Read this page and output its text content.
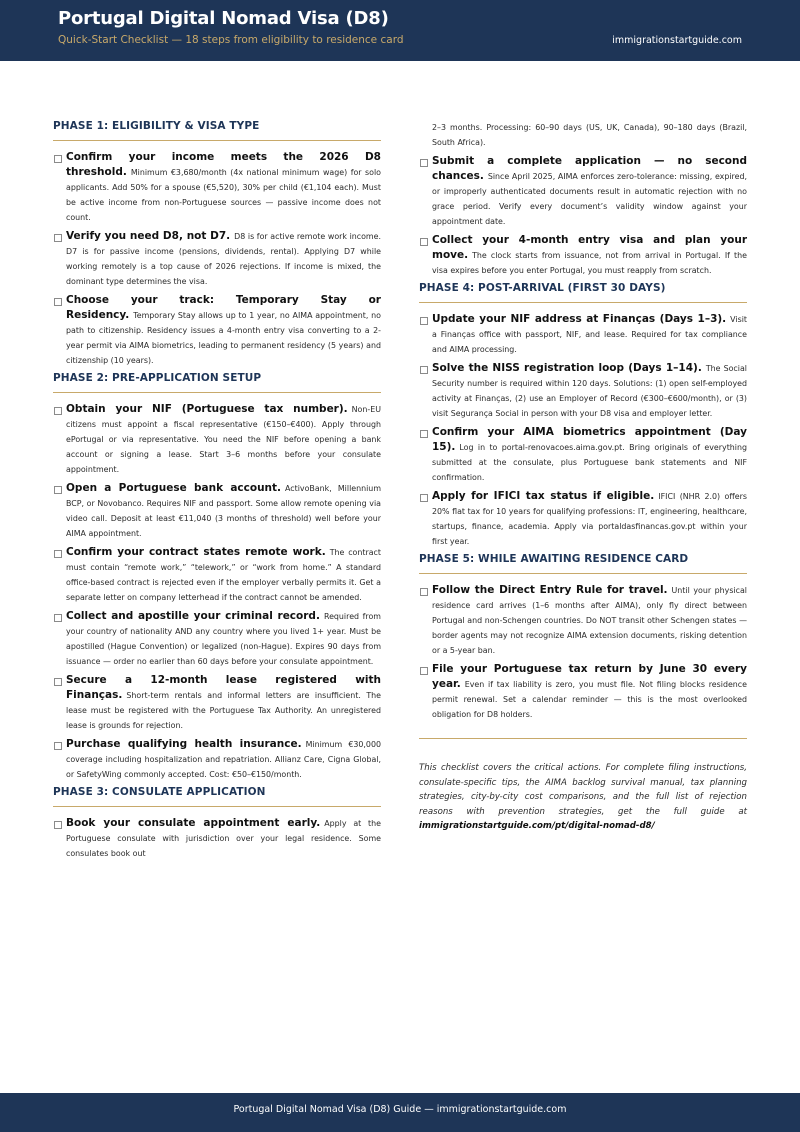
Portugal Digital Nomad Visa (D8)
Quick-Start Checklist — 18 steps from eligibility to residence card	immigrationstartguide.com
PHASE 1: ELIGIBILITY & VISA TYPE
Confirm your income meets the 2026 D8 threshold. Minimum €3,680/month (4x national minimum wage) for solo applicants. Add 50% for a spouse (€5,520), 30% per child (€1,104 each). Must be active income from non-Portuguese sources — passive income does not count.
Verify you need D8, not D7. D8 is for active remote work income. D7 is for passive income (pensions, dividends, rental). Applying D7 while working remotely is a top cause of 2026 rejections. If income is mixed, the dominant type determines the visa.
Choose your track: Temporary Stay or Residency. Temporary Stay allows up to 1 year, no AIMA appointment, no path to citizenship. Residency issues a 4-month entry visa converting to a 2-year permit via AIMA biometrics, leading to permanent residency (5 years) and citizenship (10 years).
PHASE 2: PRE-APPLICATION SETUP
Obtain your NIF (Portuguese tax number). Non-EU citizens must appoint a fiscal representative (€150–€400). Apply through ePortugal or via representative. You need the NIF before opening a bank account or signing a lease. Start 3–6 months before your consulate appointment.
Open a Portuguese bank account. ActivoBank, Millennium BCP, or Novobanco. Requires NIF and passport. Some allow remote opening via video call. Deposit at least €11,040 (3 months of threshold) well before your AIMA appointment.
Confirm your contract states remote work. The contract must contain “remote work,” “telework,” or “work from home.” A standard office-based contract is rejected even if the employer verbally permits it. Get a separate letter on company letterhead if the contract cannot be amended.
Collect and apostille your criminal record. Required from your country of nationality AND any country where you lived 1+ year. Must be apostilled (Hague Convention) or legalized (non-Hague). Expires 90 days from issuance — order no earlier than 60 days before your consulate appointment.
Secure a 12-month lease registered with Finanças. Short-term rentals and informal letters are insufficient. The lease must be registered with the Portuguese Tax Authority. An unregistered lease is grounds for rejection.
Purchase qualifying health insurance. Minimum €30,000 coverage including hospitalization and repatriation. Allianz Care, Cigna Global, or SafetyWing commonly accepted. Cost: €50–€150/month.
PHASE 3: CONSULATE APPLICATION
Book your consulate appointment early. Apply at the Portuguese consulate with jurisdiction over your legal residence. Some consulates book out
2–3 months. Processing: 60–90 days (US, UK, Canada), 90–180 days (Brazil, South Africa).
Submit a complete application — no second chances. Since April 2025, AIMA enforces zero-tolerance: missing, expired, or improperly authenticated documents result in automatic rejection with no grace period. Verify every document’s validity window against your appointment date.
Collect your 4-month entry visa and plan your move. The clock starts from issuance, not from arrival in Portugal. If the visa expires before you enter Portugal, you must reapply from scratch.
PHASE 4: POST-ARRIVAL (FIRST 30 DAYS)
Update your NIF address at Finanças (Days 1–3). Visit a Finanças office with passport, NIF, and lease. Required for tax compliance and AIMA processing.
Solve the NISS registration loop (Days 1–14). The Social Security number is required within 120 days. Solutions: (1) open self-employed activity at Finanças, (2) use an Employer of Record (€300–€600/month), or (3) visit Segurança Social in person with your D8 visa and employer letter.
Confirm your AIMA biometrics appointment (Day 15). Log in to portal-renovacoes.aima.gov.pt. Bring originals of everything submitted at the consulate, plus Portuguese bank statements and NIF confirmation.
Apply for IFICI tax status if eligible. IFICI (NHR 2.0) offers 20% flat tax for 10 years for qualifying professions: IT, engineering, healthcare, startups, finance, academia. Apply via portaldasfinancas.gov.pt within your first year.
PHASE 5: WHILE AWAITING RESIDENCE CARD
Follow the Direct Entry Rule for travel. Until your physical residence card arrives (1–6 months after AIMA), only fly direct between Portugal and non-Schengen countries. Do NOT transit other Schengen states — border agents may not recognize AIMA extension documents, risking detention or a 5-year ban.
File your Portuguese tax return by June 30 every year. Even if tax liability is zero, you must file. Not filing blocks residence permit renewal. Set a calendar reminder — this is the most overlooked obligation for D8 holders.
This checklist covers the critical actions. For complete filing instructions, consulate-specific tips, the AIMA backlog survival manual, tax planning strategies, city-by-city cost comparisons, and the full list of rejection reasons with prevention strategies, get the full guide at immigrationstartguide.com/pt/digital-nomad-d8/
Portugal Digital Nomad Visa (D8) Guide — immigrationstartguide.com
